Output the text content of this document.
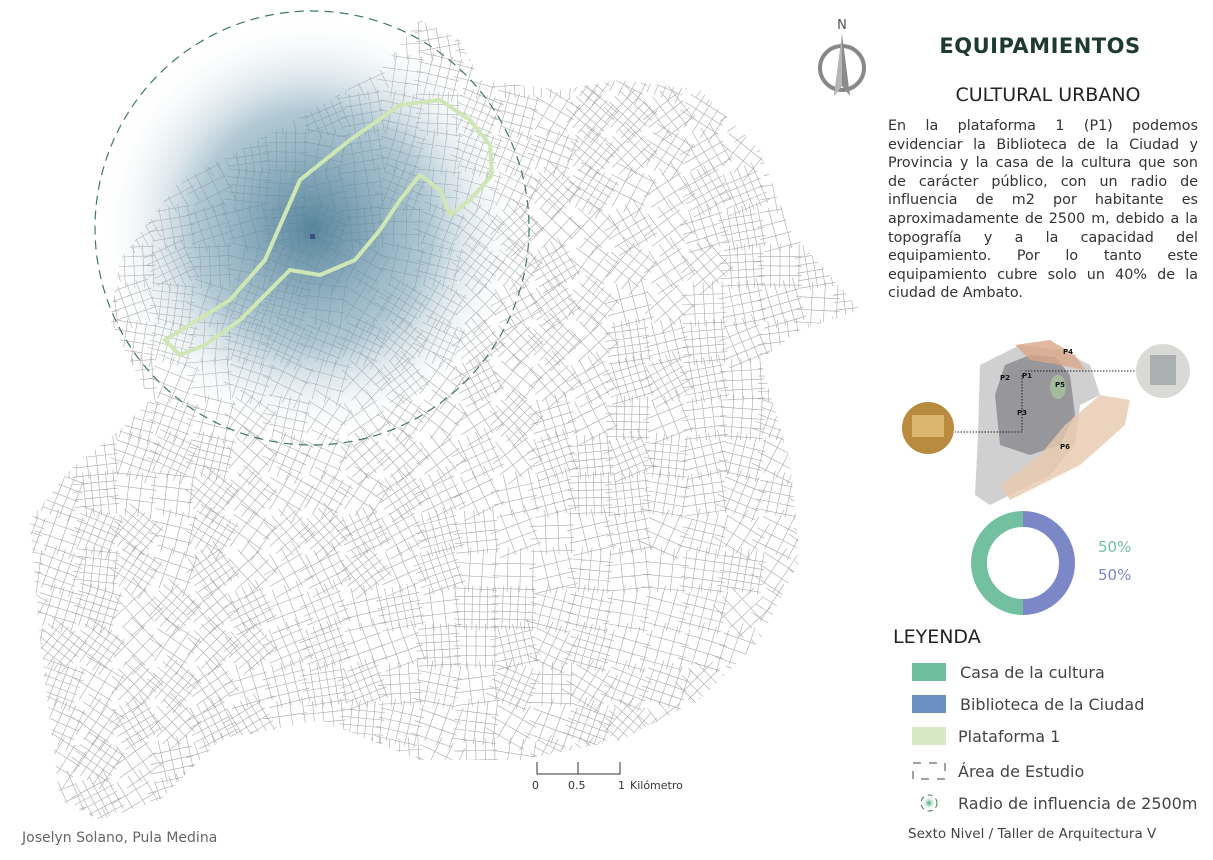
N
EQUIPAMIENTOS
CULTURAL URBANO
En la plataforma 1 (P1) podemos evidenciar la Biblioteca de la Ciudad y Provincia y la casa de la cultura que son de carácter público, con un radio de influencia de m2 por habitante es aproximadamente de 2500 m, debido a la topografía y a la capacidad del equipamiento. Por lo tanto este equipamiento cubre solo un 40% de la ciudad de Ambato.
P1
P2
P3
P4
P5
P6
50%
50%
LEYENDA
Casa de la cultura
Biblioteca de la Ciudad
Plataforma 1
Área de Estudio
Radio de influencia de 2500m
0	0.5	1 Kilómetro
Sexto Nivel / Taller de Arquitectura V
Joselyn Solano, Pula Medina
